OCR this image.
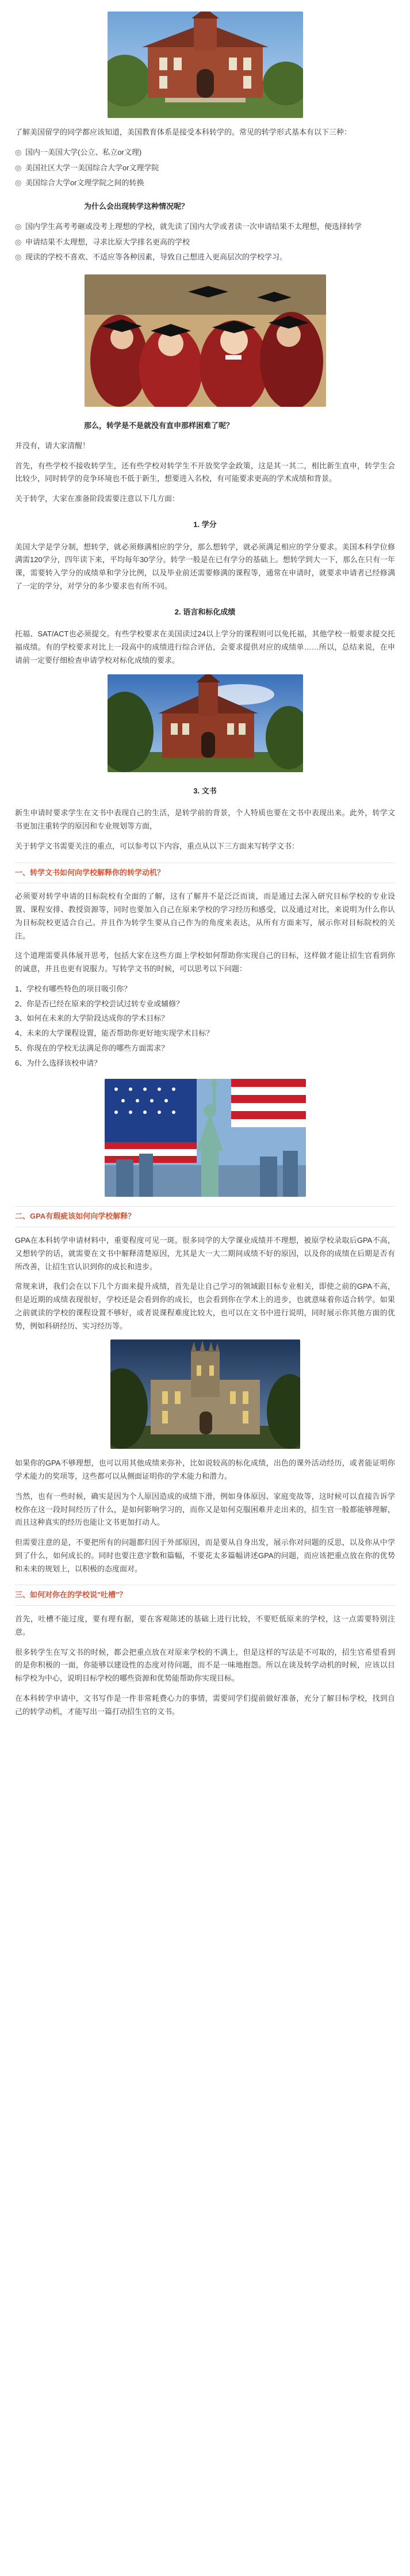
了解美国留学的同学都应该知道，美国教育体系是接受本科转学的。常见的转学形式基本有以下三种：

◎ 国内一美国大学(公立、私立or文理)
◎ 美国社区大学一美国综合大学or文理学院
◎ 美国综合大学or文理学院之间的转换
为什么会出现转学这种情况呢？
◎ 国内学生高考考砸或没考上理想的学校，就先读了国内大学或者读一次申请结果不太理想，便选择转学
◎ 申请结果不太理想，寻求比原大学排名更高的学校
◎ 现读的学校不喜欢、不适应等各种因素，导致自己想进入更高层次的学校学习。
那么，转学是不是就没有直申那样困难了呢？

并没有，请大家清醒！

首先，有些学校不接收转学生，还有些学校对转学生不开放奖学金政策，这是其一其二，相比新生直申，转学生会比较少，同时转学的竞争环境也不低于新生，想要进入名校，有可能要求更高的学术成绩和背景。

关于转学，大家在准备阶段需要注意以下几方面：

1. 学分

美国大学是学分制，想转学，就必须修满相应的学分，那么想转学，就必须满足相应的学分要求。美国本科学位修满需120学分，四年读下来，平均每年30学分。转学一般是在已有学分的基础上。想转学到大一下，那么在只有一年课，需要转入学分的成绩单和学分比例，以及毕业前还需要修满的课程等，通常在申请时，就要求申请者已经修满了一定的学分，对学分的多少要求也有所不同。

2. 语言和标化成绩

托福、SAT/ACT也必须提交。有些学校要求在美国读过24以上学分的课程则可以免托福，其他学校一般要求提交托福成绩。有的学校要求对比上一段高中的成绩进行综合评估，会要求提供对应的成绩单……所以，总结来说，在申请前一定要仔细检查申请学校对标化成绩的要求。

3. 文书

新生申请时要求学生在文书中表现自己的生活，是转学前的背景，个人特质也要在文书中表现出来。此外，转学文书更加注重转学的原因和专业规划等方面，

关于转学文书需要关注的重点，可以参考以下内容，重点从以下三方面来写转学文书：

一、转学文书如何向学校解释你的转学动机？

必须要对转学申请的目标院校有全面的了解，这有了解并不是泛泛而谈，而是通过去深入研究目标学校的专业设置、课程安排、教授资源等，同时也要加入自己在原来学校的学习经历和感受，以及通过对比，来说明为什么你认为目标院校更适合自己。并且作为转学生要从自己作为的角度来表达，从所有方面来写，展示你对目标院校的关注。

这个道理需要具体展开思考，包括大家在这些方面上学校如何帮助你实现自己的目标，这样做才能让招生官看到你的诚意，并且也更有说服力。写转学文书的时候，可以思考以下问题：

1、学校有哪些特色的项目吸引你？
2、你是否已经在原来的学校尝试过转专业或辅修？
3、如何在未来的大学阶段达成你的学术目标？
4、未来的大学课程设置，能否帮助你更好地实现学术目标？
5、你现在的学校无法满足你的哪些方面需求？
6、为什么选择该校申请？
二、GPA有瑕疵该如何向学校解释？

GPA在本科转学申请材料中，重要程度可见一斑。很多同学的大学课业成绩并不理想，被原学校录取后GPA不高，又想转学的话，就需要在文书中解释清楚原因，尤其是大一大二期间成绩不好的原因，以及你的成绩在后期是否有所改善，让招生官认识到你的成长和进步。

常规来讲，我们会在以下几个方面来提升成绩，首先是让自己学习的领域跟目标专业相关，即使之前的GPA不高，但是近期的成绩表现很好，学校还是会看到你的成长，也会看到你在学术上的进步，也就意味着你适合转学。如果之前就读的学校的课程设置不够好，或者说课程难度比较大，也可以在文书中进行说明，同时展示你其他方面的优势，例如科研经历、实习经历等。

如果你的GPA不够理想，也可以用其他成绩来弥补，比如说较高的标化成绩，出色的课外活动经历，或者能证明你学术能力的奖项等，这些都可以从侧面证明你的学术能力和潜力。

当然，也有一些时候，确实是因为个人原因造成的成绩下滑，例如身体原因、家庭变故等，这时候可以直接告诉学校你在这一段时间经历了什么，是如何影响学习的，而你又是如何克服困难并走出来的，招生官一般都能够理解，而且这种真实的经历也能让文书更加打动人。

但需要注意的是，不要把所有的问题都归因于外部原因，而是要从自身出发，展示你对问题的反思，以及你从中学到了什么，如何成长的。同时也要注意字数和篇幅，不要花太多篇幅讲述GPA的问题，而应该把重点放在你的优势和未来的规划上，以积极的态度面对。

三、如何对你在的学校说"吐槽"？

首先，吐槽不能过度，要有理有据，要在客观陈述的基础上进行比较，不要贬低原来的学校，这一点需要特别注意。

很多转学生在写文书的时候，都会把重点放在对原来学校的不满上，但是这样的写法是不可取的，招生官希望看到的是你积极的一面，你能够以建设性的态度对待问题，而不是一味地抱怨。所以在谈及转学动机的时候，应该以目标学校为中心，说明目标学校的哪些资源和优势能帮助你实现目标。

在本科转学申请中，文书写作是一件非常耗费心力的事情，需要同学们提前做好准备，充分了解目标学校，找到自己的转学动机，才能写出一篇打动招生官的文书。
